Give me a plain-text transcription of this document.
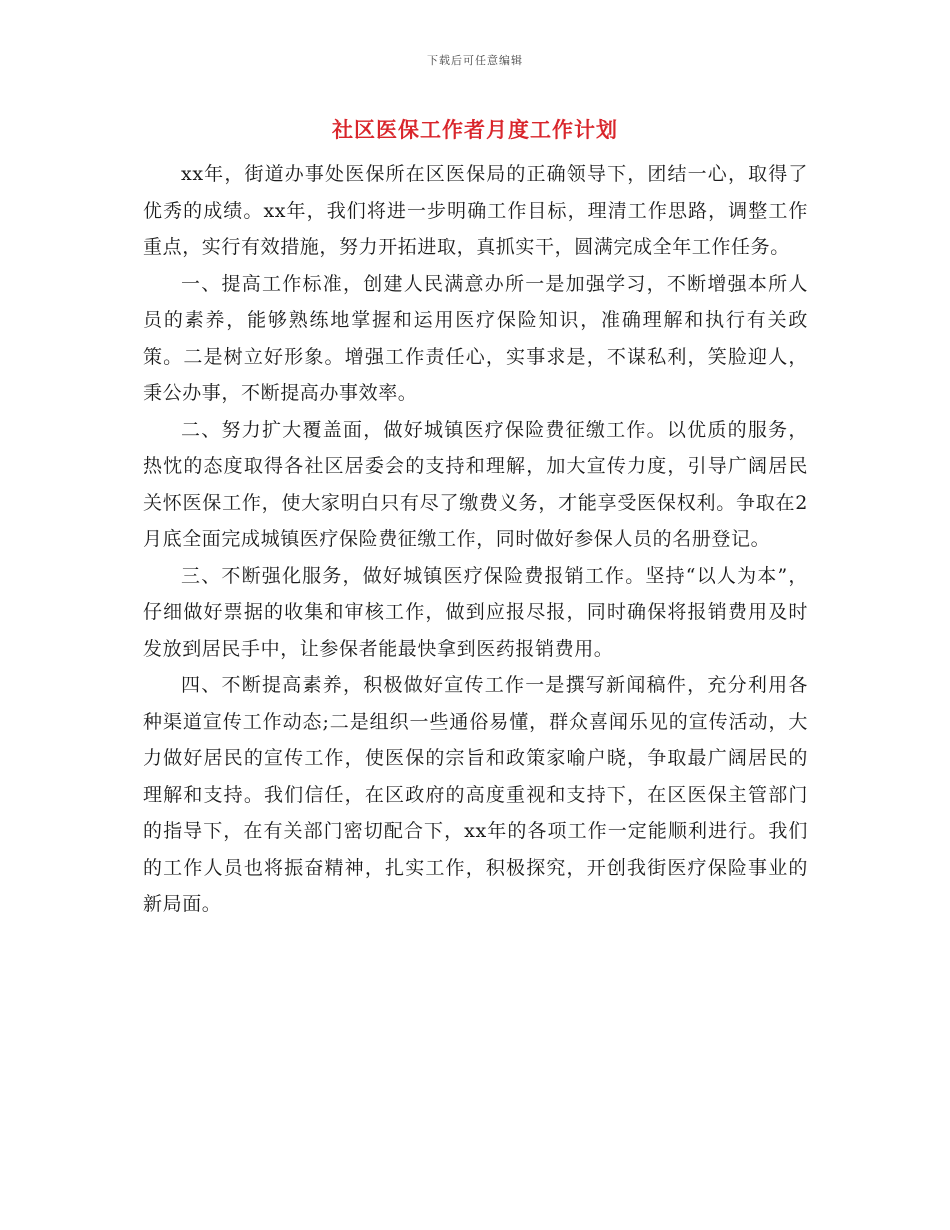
下载后可任意编辑
社区医保工作者月度工作计划

xx年，街道办事处医保所在区医保局的正确领导下，团结一心，取得了优秀的成绩。xx年，我们将进一步明确工作目标，理清工作思路，调整工作重点，实行有效措施，努力开拓进取，真抓实干，圆满完成全年工作任务。

一、提高工作标准，创建人民满意办所一是加强学习，不断增强本所人员的素养，能够熟练地掌握和运用医疗保险知识，准确理解和执行有关政策。二是树立好形象。增强工作责任心，实事求是，不谋私利，笑脸迎人，秉公办事，不断提高办事效率。

二、努力扩大覆盖面，做好城镇医疗保险费征缴工作。以优质的服务，热忱的态度取得各社区居委会的支持和理解，加大宣传力度，引导广阔居民关怀医保工作，使大家明白只有尽了缴费义务，才能享受医保权利。争取在2月底全面完成城镇医疗保险费征缴工作，同时做好参保人员的名册登记。

三、不断强化服务，做好城镇医疗保险费报销工作。坚持“以人为本”，仔细做好票据的收集和审核工作，做到应报尽报，同时确保将报销费用及时发放到居民手中，让参保者能最快拿到医药报销费用。

四、不断提高素养，积极做好宣传工作一是撰写新闻稿件，充分利用各种渠道宣传工作动态;二是组织一些通俗易懂，群众喜闻乐见的宣传活动，大力做好居民的宣传工作，使医保的宗旨和政策家喻户晓，争取最广阔居民的理解和支持。我们信任，在区政府的高度重视和支持下，在区医保主管部门的指导下，在有关部门密切配合下，xx年的各项工作一定能顺利进行。我们的工作人员也将振奋精神，扎实工作，积极探究，开创我街医疗保险事业的新局面。
